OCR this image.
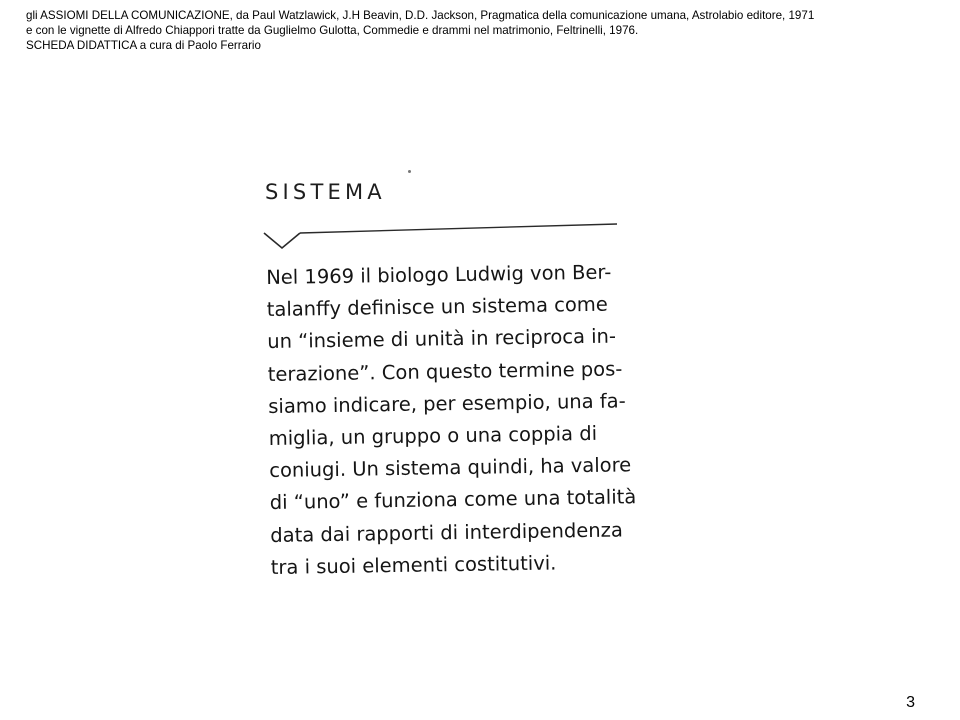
gli ASSIOMI DELLA COMUNICAZIONE, da Paul Watzlawick, J.H Beavin, D.D. Jackson, Pragmatica della comunicazione umana, Astrolabio editore, 1971
e con le vignette di Alfredo Chiappori tratte da Guglielmo Gulotta, Commedie e drammi nel matrimonio, Feltrinelli, 1976.
SCHEDA DIDATTICA a cura di Paolo Ferrario
SISTEMA
Nel 1969 il biologo Ludwig von Ber-
talanffy definisce un sistema come
un “insieme di unità in reciproca in-
terazione”. Con questo termine pos-
siamo indicare, per esempio, una fa-
miglia, un gruppo o una coppia di
coniugi. Un sistema quindi, ha valore
di “uno” e funziona come una totalità
data dai rapporti di interdipendenza
tra i suoi elementi costitutivi.
3
